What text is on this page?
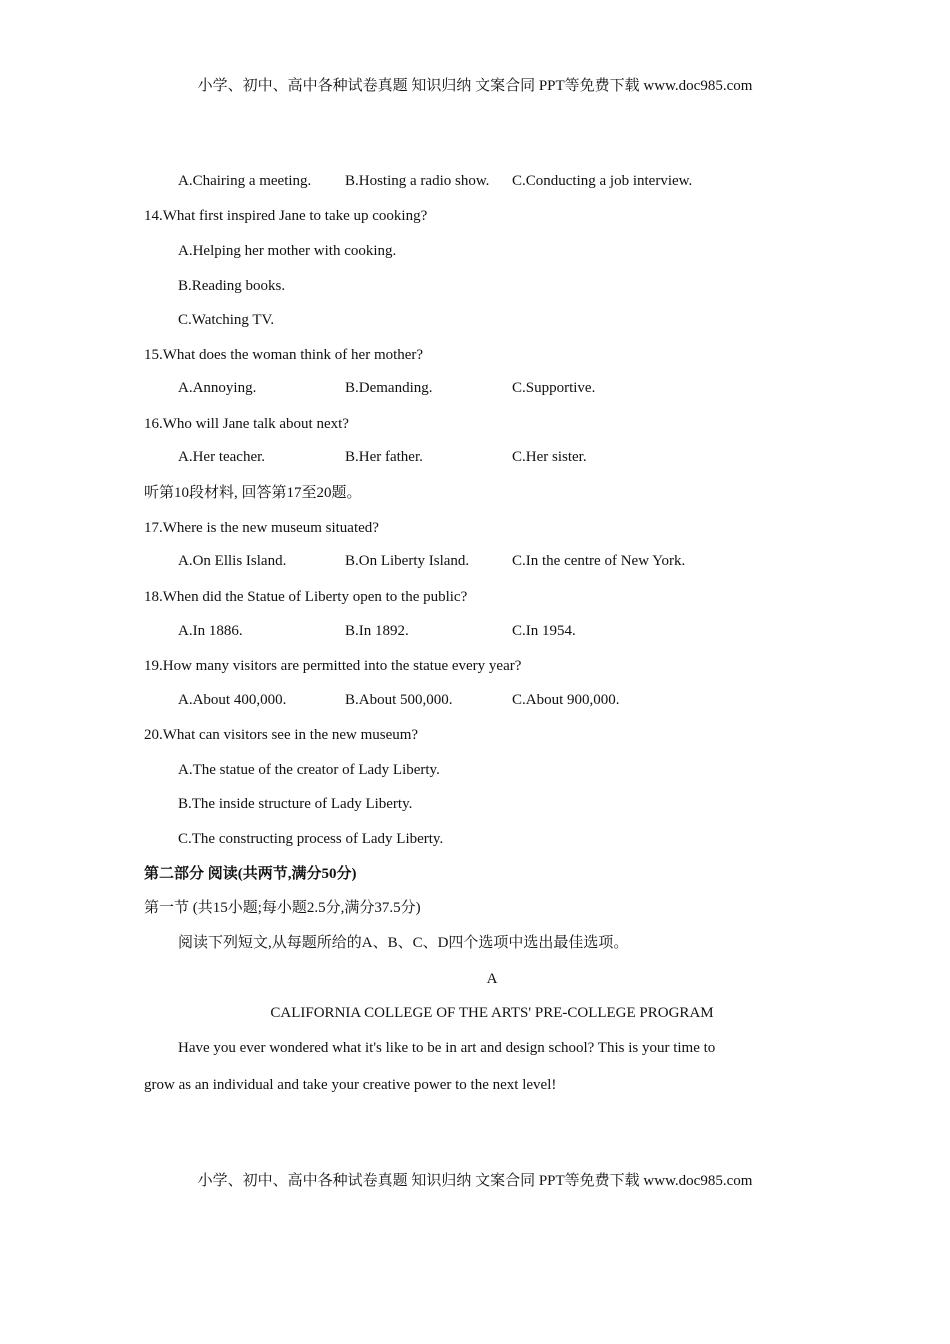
小学、初中、高中各种试卷真题 知识归纳 文案合同 PPT等免费下载 www.doc985.com
A.Chairing a meeting. B.Hosting a radio show. C.Conducting a job interview.
14.What first inspired Jane to take up cooking?
A.Helping her mother with cooking.
B.Reading books.
C.Watching TV.
15.What does the woman think of her mother?
A.Annoying.	B.Demanding.	C.Supportive.
16.Who will Jane talk about next?
A.Her teacher.	B.Her father.	C.Her sister.
听第10段材料, 回答第17至20题。
17.Where is the new museum situated?
A.On Ellis Island.	B.On Liberty Island.	C.In the centre of New York.
18.When did the Statue of Liberty open to the public?
A.In 1886.	B.In 1892.	C.In 1954.
19.How many visitors are permitted into the statue every year?
A.About 400,000.	B.About 500,000.	C.About 900,000.
20.What can visitors see in the new museum?
A.The statue of the creator of Lady Liberty.
B.The inside structure of Lady Liberty.
C.The constructing process of Lady Liberty.
第二部分 阅读(共两节,满分50分)
第一节 (共15小题;每小题2.5分,满分37.5分)
阅读下列短文,从每题所给的A、B、C、D四个选项中选出最佳选项。
A
CALIFORNIA COLLEGE OF THE ARTS' PRE-COLLEGE PROGRAM
Have you ever wondered what it's like to be in art and design school? This is your time to
grow as an individual and take your creative power to the next level!
小学、初中、高中各种试卷真题 知识归纳 文案合同 PPT等免费下载 www.doc985.com
